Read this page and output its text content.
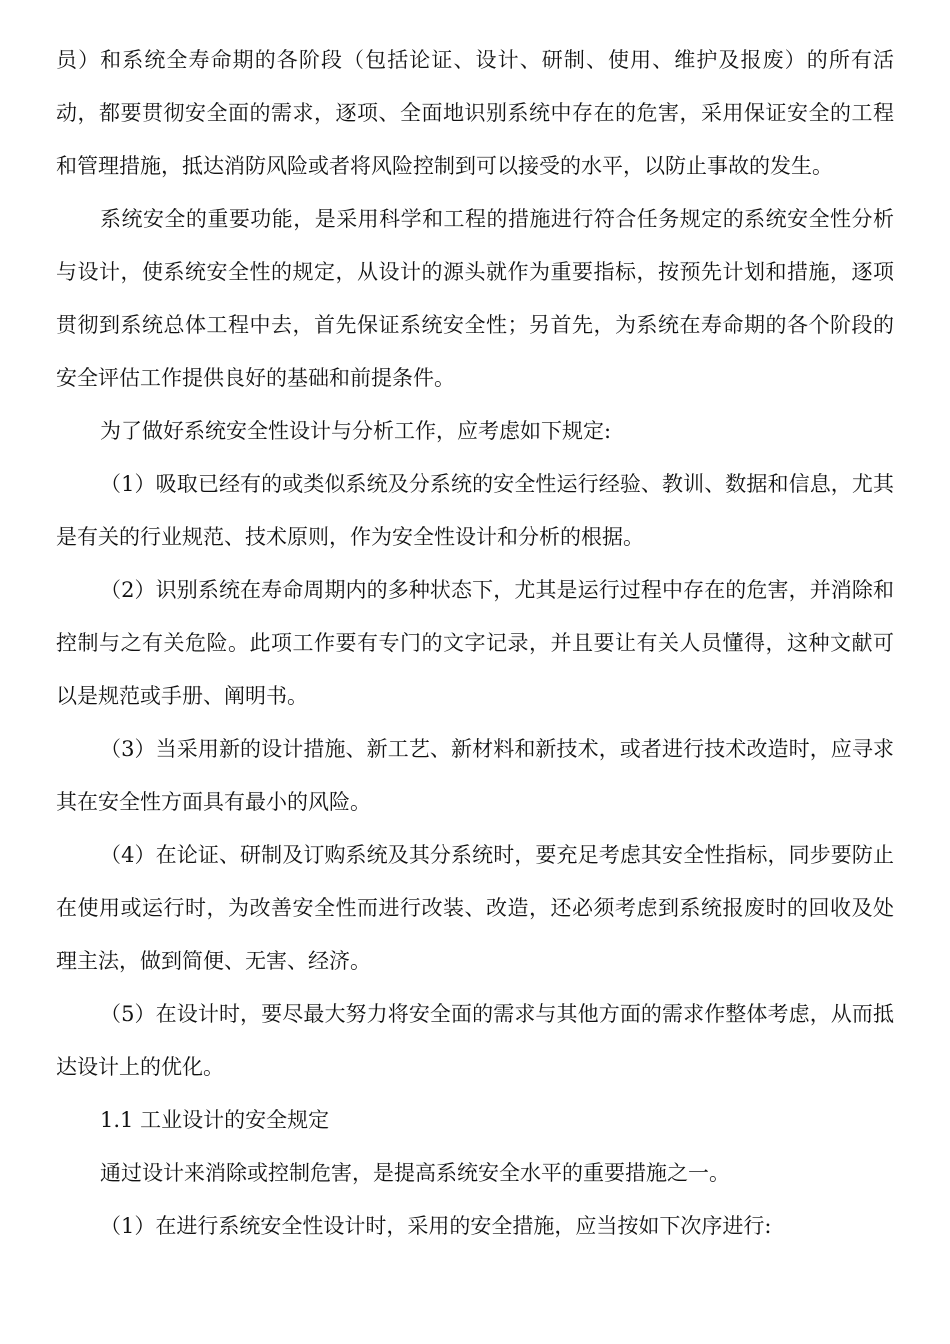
员）和系统全寿命期的各阶段（包括论证、设计、研制、使用、维护及报废）的所有活动，都要贯彻安全面的需求，逐项、全面地识别系统中存在的危害，采用保证安全的工程和管理措施，抵达消防风险或者将风险控制到可以接受的水平，以防止事故的发生。

系统安全的重要功能，是采用科学和工程的措施进行符合任务规定的系统安全性分析与设计，使系统安全性的规定，从设计的源头就作为重要指标，按预先计划和措施，逐项贯彻到系统总体工程中去，首先保证系统安全性；另首先，为系统在寿命期的各个阶段的安全评估工作提供良好的基础和前提条件。

为了做好系统安全性设计与分析工作，应考虑如下规定:

（1）吸取已经有的或类似系统及分系统的安全性运行经验、教训、数据和信息，尤其是有关的行业规范、技术原则，作为安全性设计和分析的根据。

（2）识别系统在寿命周期内的多种状态下，尤其是运行过程中存在的危害，并消除和控制与之有关危险。此项工作要有专门的文字记录，并且要让有关人员懂得，这种文献可以是规范或手册、阐明书。

（3）当采用新的设计措施、新工艺、新材料和新技术，或者进行技术改造时，应寻求其在安全性方面具有最小的风险。

（4）在论证、研制及订购系统及其分系统时，要充足考虑其安全性指标，同步要防止在使用或运行时，为改善安全性而进行改装、改造，还必须考虑到系统报废时的回收及处理主法，做到简便、无害、经济。

（5）在设计时，要尽最大努力将安全面的需求与其他方面的需求作整体考虑，从而抵达设计上的优化。

1.1 工业设计的安全规定

通过设计来消除或控制危害，是提高系统安全水平的重要措施之一。

（1）在进行系统安全性设计时，采用的安全措施，应当按如下次序进行:
